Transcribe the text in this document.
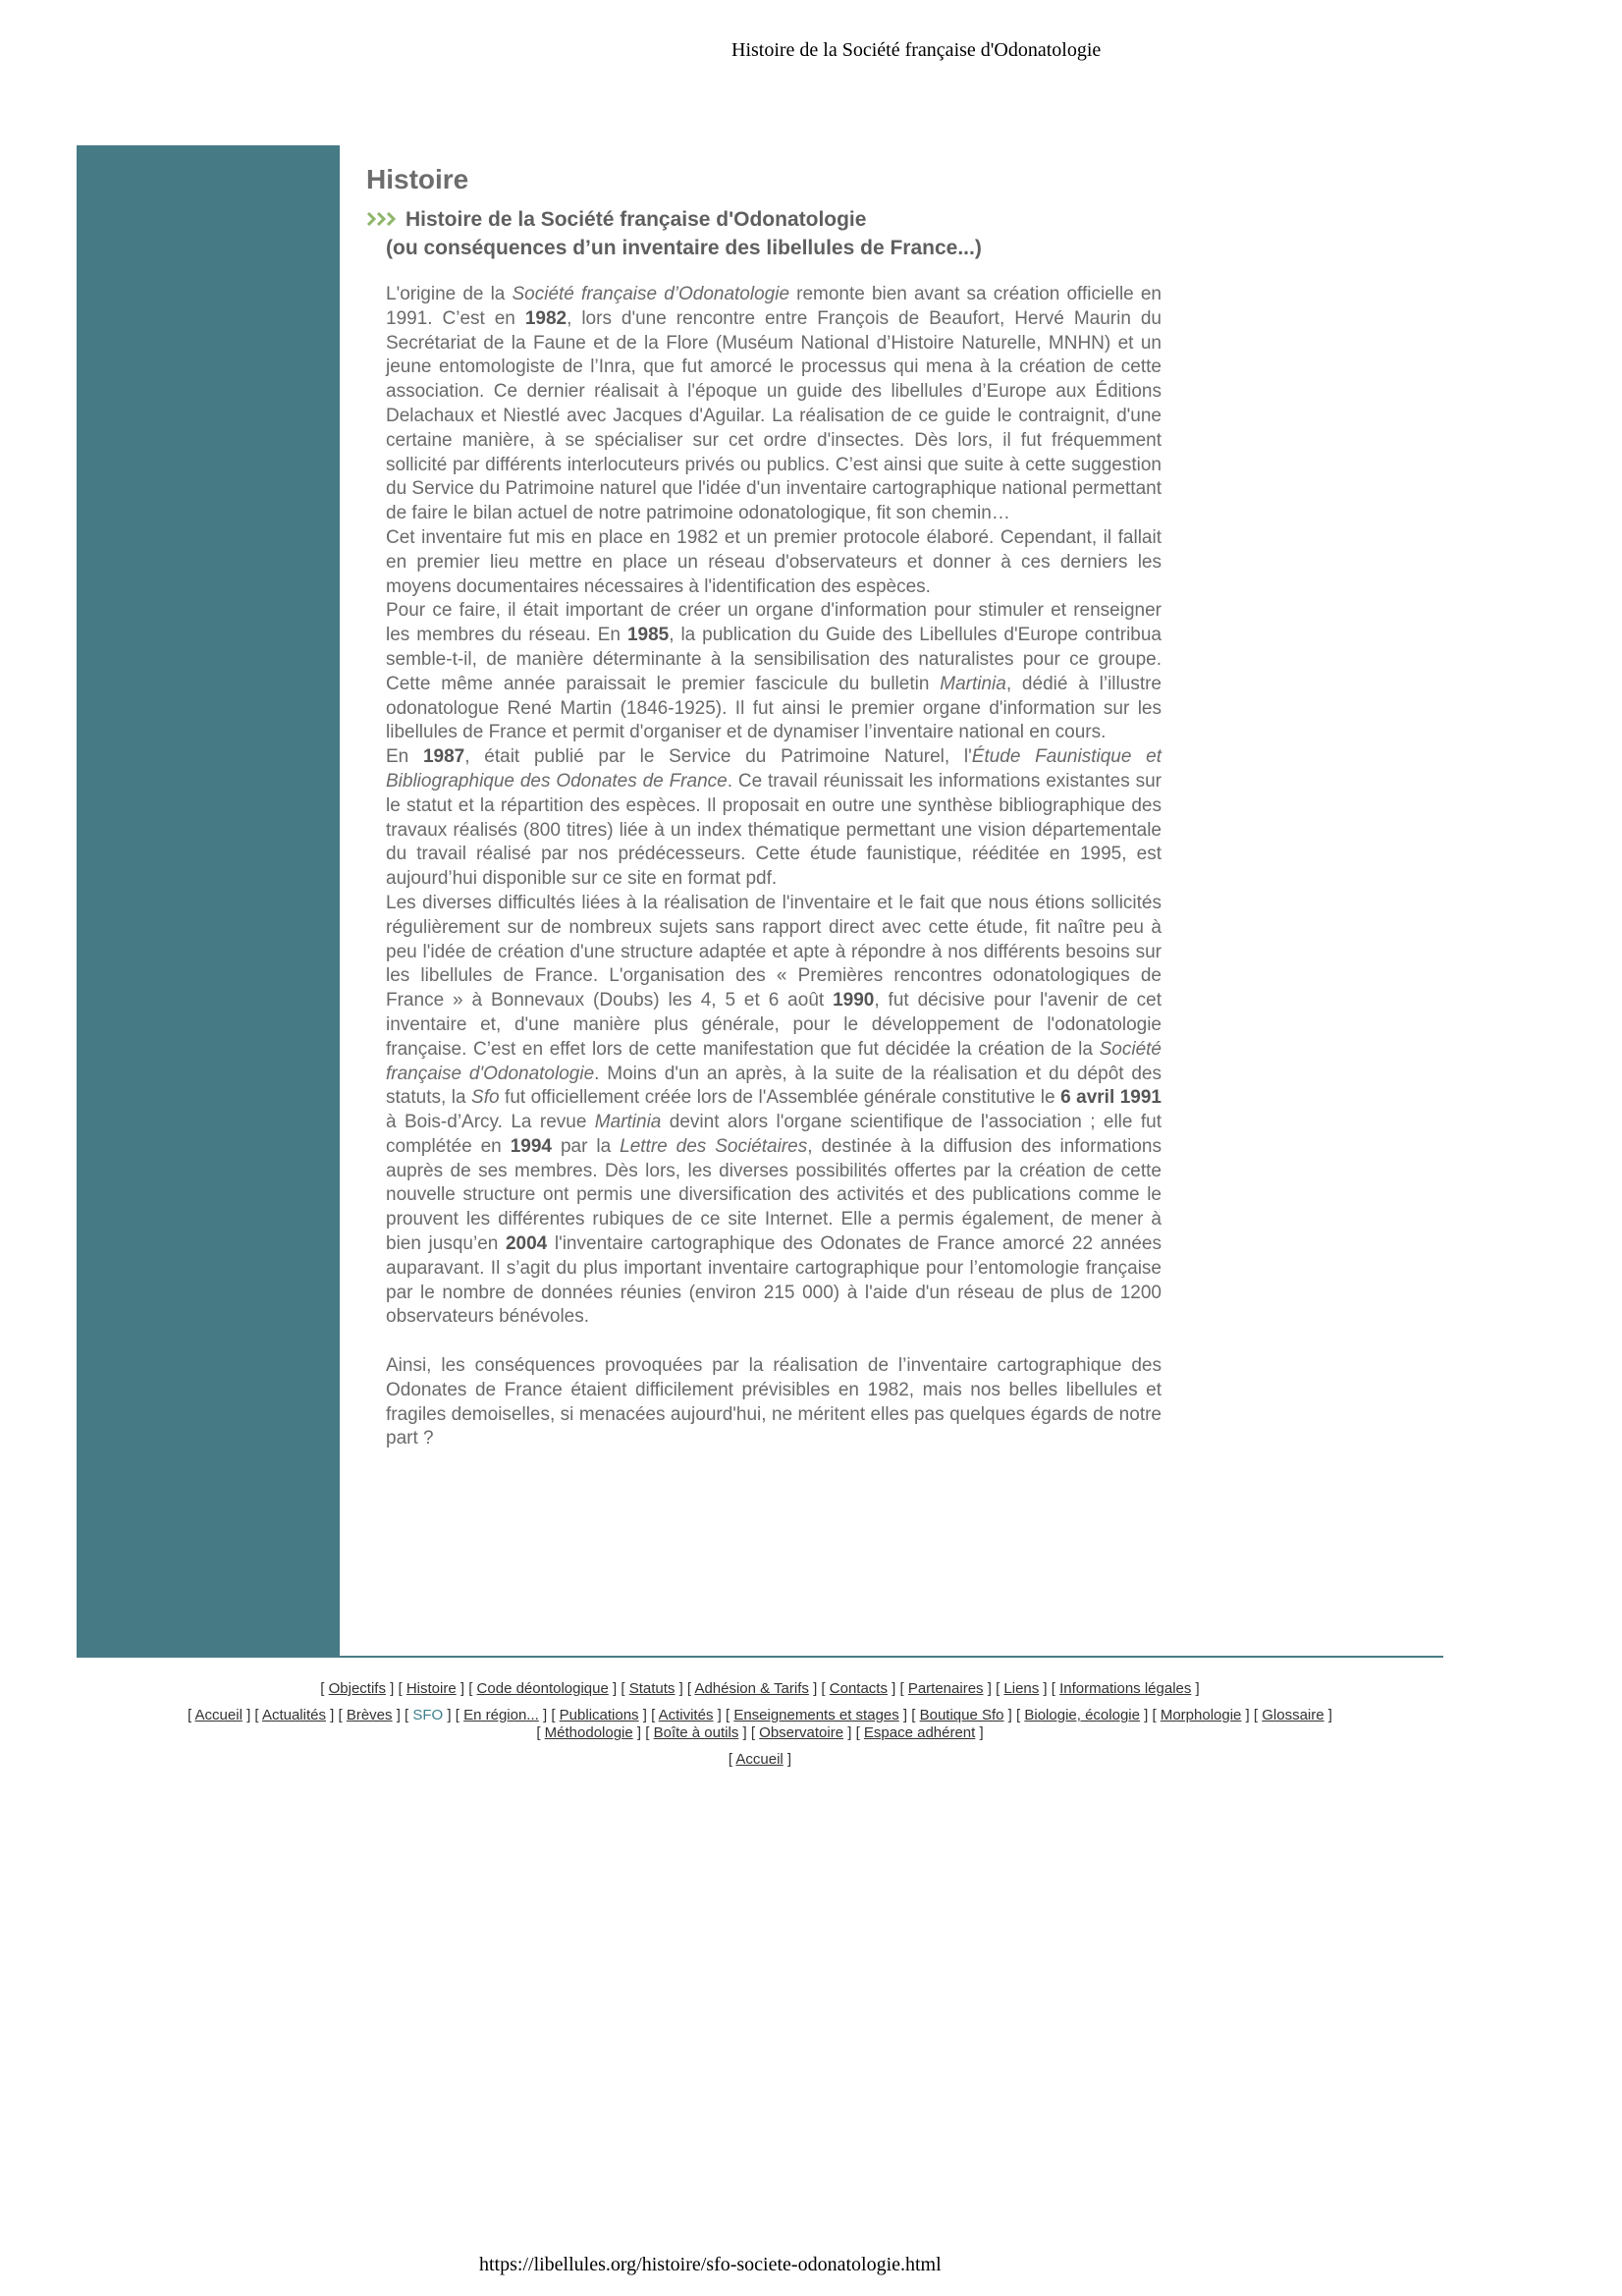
Histoire de la Société française d'Odonatologie
Histoire
Histoire de la Société française d'Odonatologie
(ou conséquences d’un inventaire des libellules de France...)

L'origine de la Société française d’Odonatologie remonte bien avant sa création officielle en 1991. C’est en 1982, lors d'une rencontre entre François de Beaufort, Hervé Maurin du Secrétariat de la Faune et de la Flore (Muséum National d’Histoire Naturelle, MNHN) et un jeune entomologiste de l’Inra, que fut amorcé le processus qui mena à la création de cette association. Ce dernier réalisait à l'époque un guide des libellules d’Europe aux Éditions Delachaux et Niestlé avec Jacques d'Aguilar. La réalisation de ce guide le contraignit, d'une certaine manière, à se spécialiser sur cet ordre d'insectes. Dès lors, il fut fréquemment sollicité par différents interlocuteurs privés ou publics. C’est ainsi que suite à cette suggestion du Service du Patrimoine naturel que l'idée d'un inventaire cartographique national permettant de faire le bilan actuel de notre patrimoine odonatologique, fit son chemin…

Cet inventaire fut mis en place en 1982 et un premier protocole élaboré. Cependant, il fallait en premier lieu mettre en place un réseau d'observateurs et donner à ces derniers les moyens documentaires nécessaires à l'identification des espèces.

Pour ce faire, il était important de créer un organe d'information pour stimuler et renseigner les membres du réseau. En 1985, la publication du Guide des Libellules d'Europe contribua semble-t-il, de manière déterminante à la sensibilisation des naturalistes pour ce groupe. Cette même année paraissait le premier fascicule du bulletin Martinia, dédié à l’illustre odonatologue René Martin (1846-1925). Il fut ainsi le premier organe d'information sur les libellules de France et permit d'organiser et de dynamiser l’inventaire national en cours.

En 1987, était publié par le Service du Patrimoine Naturel, l'Étude Faunistique et Bibliographique des Odonates de France. Ce travail réunissait les informations existantes sur le statut et la répartition des espèces. Il proposait en outre une synthèse bibliographique des travaux réalisés (800 titres) liée à un index thématique permettant une vision départementale du travail réalisé par nos prédécesseurs. Cette étude faunistique, rééditée en 1995, est aujourd’hui disponible sur ce site en format pdf.

Les diverses difficultés liées à la réalisation de l'inventaire et le fait que nous étions sollicités régulièrement sur de nombreux sujets sans rapport direct avec cette étude, fit naître peu à peu l'idée de création d'une structure adaptée et apte à répondre à nos différents besoins sur les libellules de France. L'organisation des « Premières rencontres odonatologiques de France » à Bonnevaux (Doubs) les 4, 5 et 6 août 1990, fut décisive pour l'avenir de cet inventaire et, d'une manière plus générale, pour le développement de l'odonatologie française. C’est en effet lors de cette manifestation que fut décidée la création de la Société française d'Odonatologie. Moins d'un an après, à la suite de la réalisation et du dépôt des statuts, la Sfo fut officiellement créée lors de l'Assemblée générale constitutive le 6 avril 1991 à Bois-d’Arcy. La revue Martinia devint alors l'organe scientifique de l'association ; elle fut complétée en 1994 par la Lettre des Sociétaires, destinée à la diffusion des informations auprès de ses membres. Dès lors, les diverses possibilités offertes par la création de cette nouvelle structure ont permis une diversification des activités et des publications comme le prouvent les différentes rubiques de ce site Internet. Elle a permis également, de mener à bien jusqu’en 2004 l'inventaire cartographique des Odonates de France amorcé 22 années auparavant. Il s’agit du plus important inventaire cartographique pour l’entomologie française par le nombre de données réunies (environ 215 000) à l'aide d'un réseau de plus de 1200 observateurs bénévoles.

Ainsi, les conséquences provoquées par la réalisation de l’inventaire cartographique des Odonates de France étaient difficilement prévisibles en 1982, mais nos belles libellules et fragiles demoiselles, si menacées aujourd'hui, ne méritent elles pas quelques égards de notre part ?

[ Objectifs ] [ Histoire ] [ Code déontologique ] [ Statuts ] [ Adhésion & Tarifs ] [ Contacts ] [ Partenaires ] [ Liens ] [ Informations légales ]
[ Accueil ] [ Actualités ] [ Brèves ] [ SFO ] [ En région... ] [ Publications ] [ Activités ] [ Enseignements et stages ] [ Boutique Sfo ] [ Biologie, écologie ] [ Morphologie ] [ Glossaire ]
[ Méthodologie ] [ Boîte à outils ] [ Observatoire ] [ Espace adhérent ]
[ Accueil ]
https://libellules.org/histoire/sfo-societe-odonatologie.html
